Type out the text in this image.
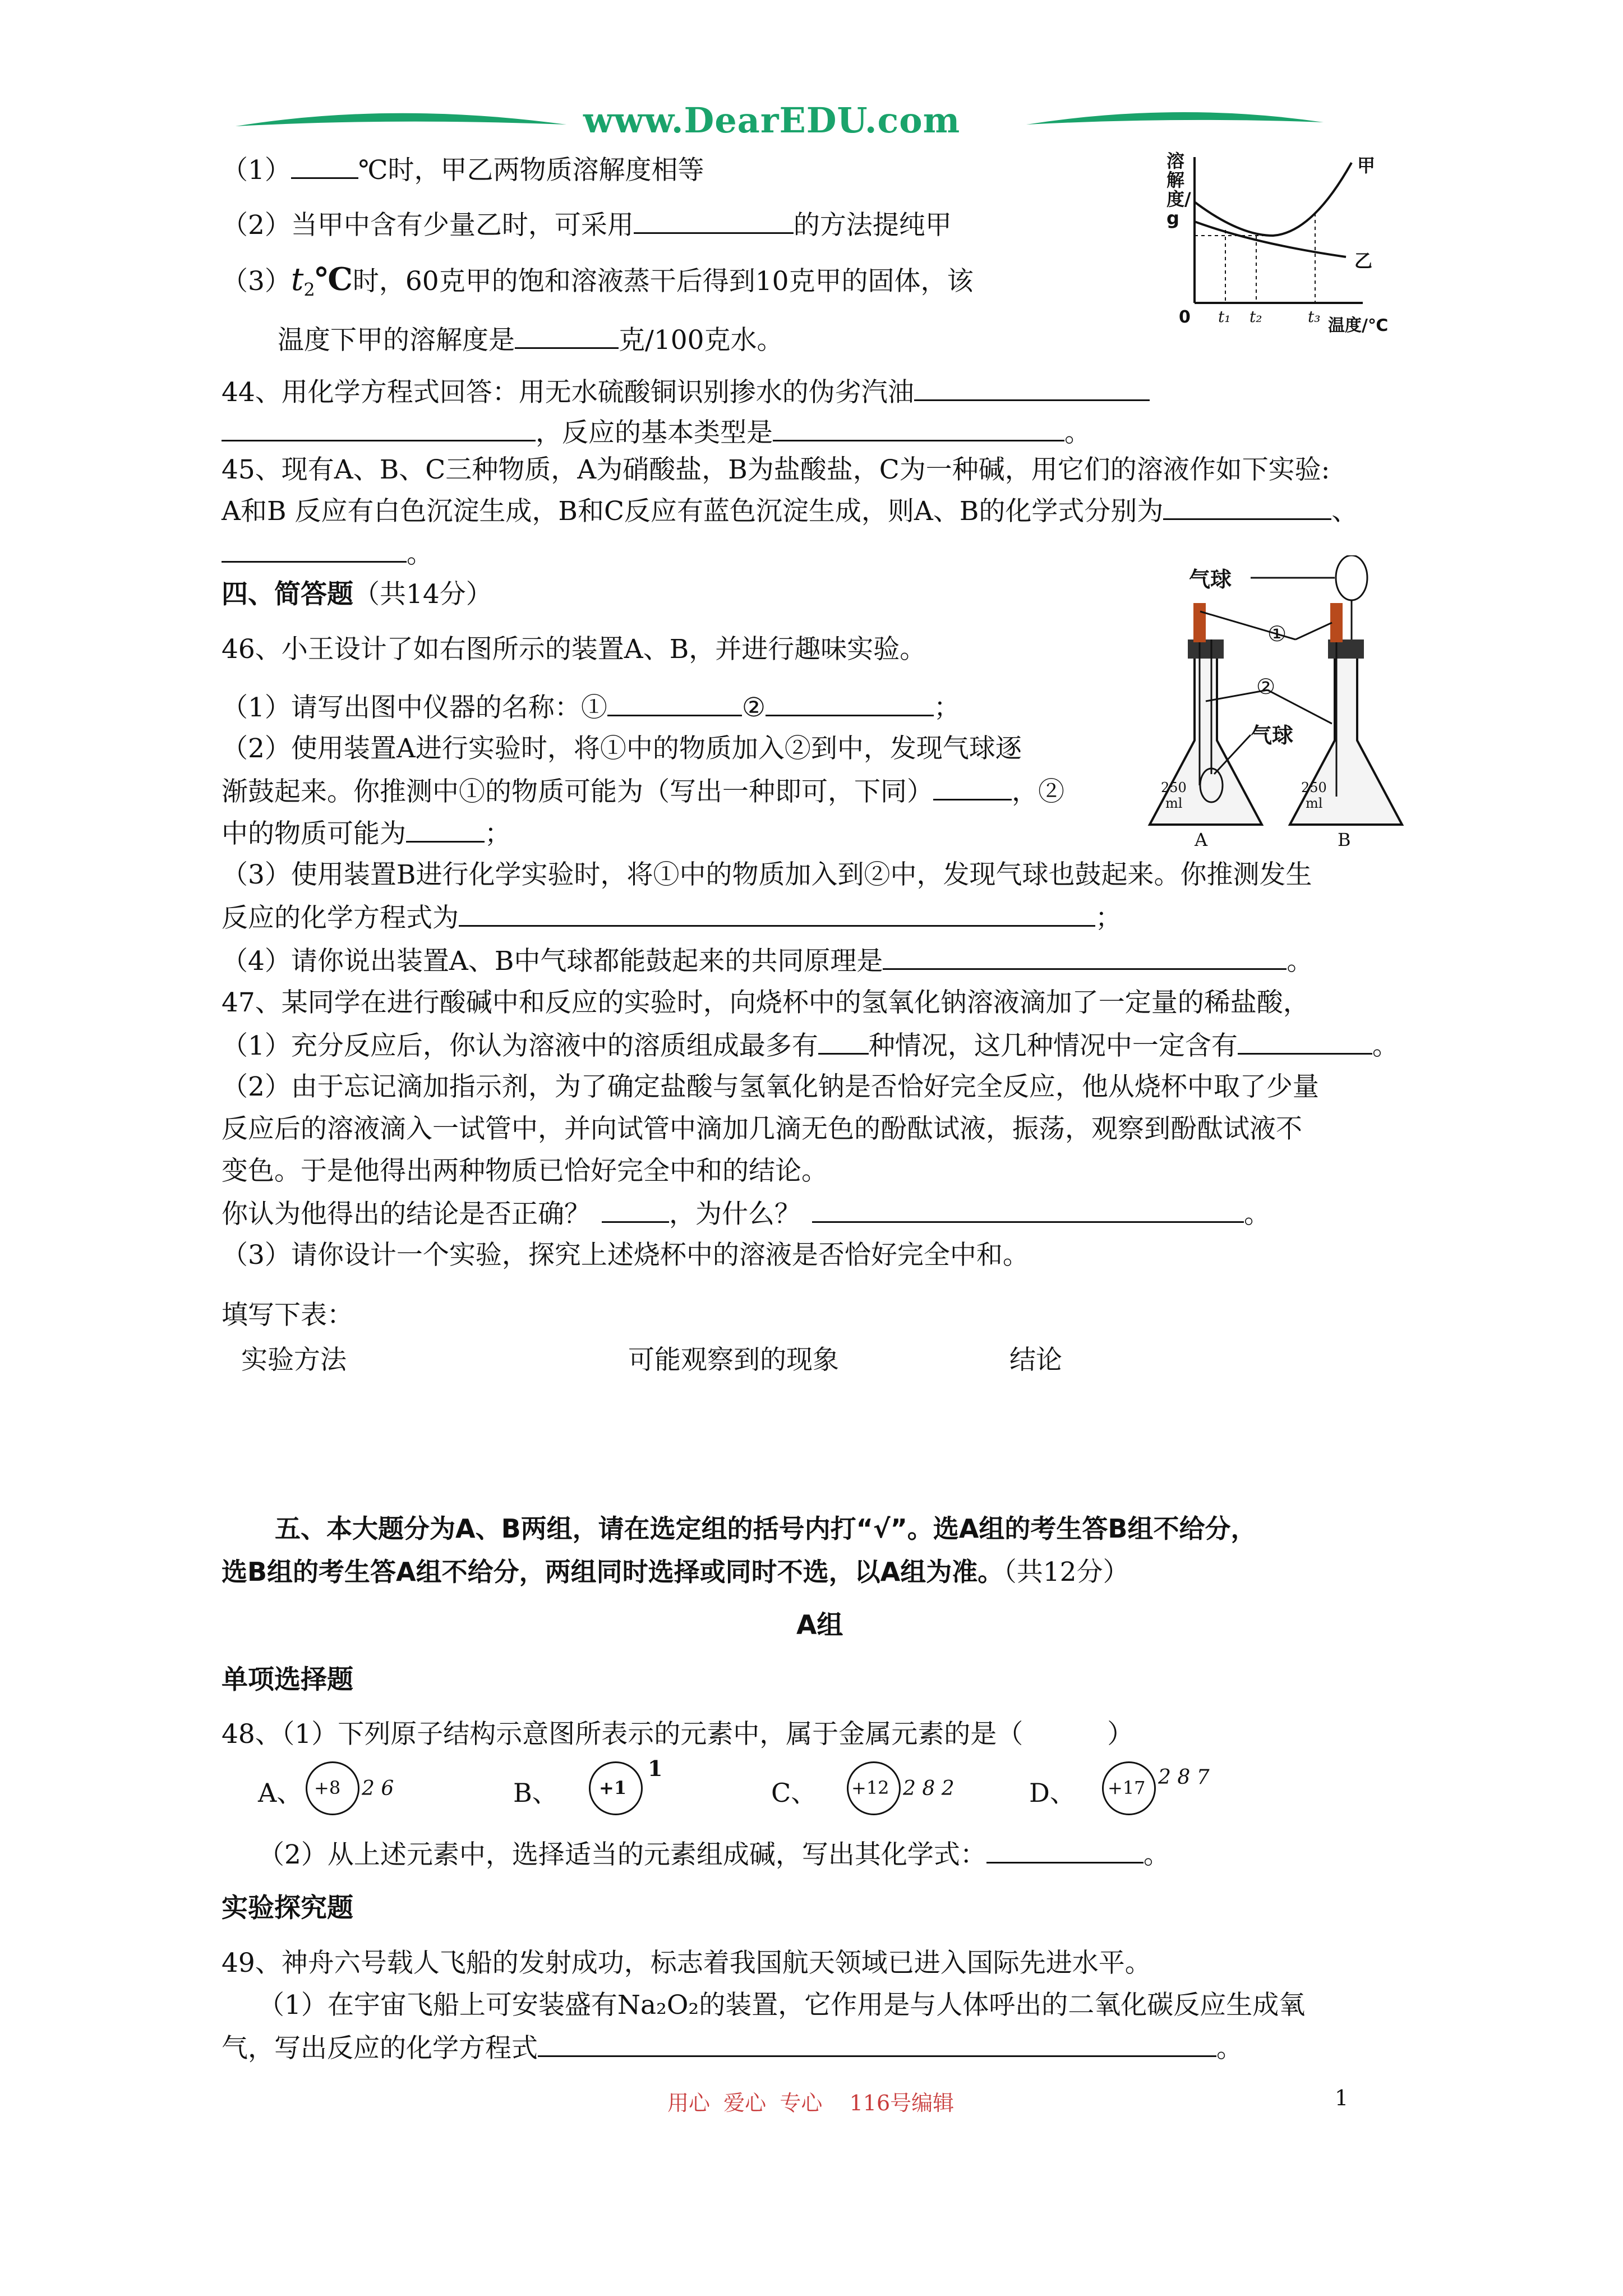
www.DearEDU.com
（1）	℃时，甲乙两物质溶解度相等
（2）当甲中含有少量乙时，可采用	的方法提纯甲
$(3)t_2℃$时，60克甲的饱和溶液蒸干后得到10克甲的固体，该
温度下甲的溶解度是	克/100克水。
溶解度/g
甲
乙
0 t₁ t₂	t₃ 温度/℃
44、用化学方程式回答：用无水硫酸铜识别掺水的伪劣汽油
，反应的基本类型是	。
45、现有A、B、C三种物质，A为硝酸盐，B为盐酸盐，C为一种碱，用它们的溶液作如下实验:
A和B 反应有白色沉淀生成，B和C反应有蓝色沉淀生成，则A、B的化学式分别为	、
。
四、简答题（共14分）
46、小王设计了如右图所示的装置A、B，并进行趣味实验。
（1）请写出图中仪器的名称：①	②	；
（2）使用装置A进行实验时，将①中的物质加入②到中，发现气球逐
渐鼓起来。你推测中①的物质可能为（写出一种即可，下同）	，②
中的物质可能为	；
（3）使用装置B进行化学实验时，将①中的物质加入到②中，发现气球也鼓起来。你推测发生
反应的化学方程式为	；
（4）请你说出装置A、B中气球都能鼓起来的共同原理是	。
气球
①
②
气球
250
ml
250
ml
A	B
47、某同学在进行酸碱中和反应的实验时，向烧杯中的氢氧化钠溶液滴加了一定量的稀盐酸，
（1）充分反应后，你认为溶液中的溶质组成最多有 种情况，这几种情况中一定含有	。
（2）由于忘记滴加指示剂，为了确定盐酸与氢氧化钠是否恰好完全反应，他从烧杯中取了少量
反应后的溶液滴入一试管中，并向试管中滴加几滴无色的酚酞试液，振荡，观察到酚酞试液不
变色。于是他得出两种物质已恰好完全中和的结论。
你认为他得出的结论是否正确？	，为什么？	。
（3）请你设计一个实验，探究上述烧杯中的溶液是否恰好完全中和。
填写下表：
实验方法	可能观察到的现象	结论
五、本大题分为A、B两组，请在选定组的括号内打“√”。选A组的考生答B组不给分，
选B组的考生答A组不给分，两组同时选择或同时不选，以A组为准。（共12分）
A组
单项选择题
48、（1）下列原子结构示意图所表示的元素中，属于金属元素的是（	）
A、 +8 2 6	B、 +1
1
C、 +12 2 8 2	D、 +17 2 8 7
（2）从上述元素中，选择适当的元素组成碱，写出其化学式：	。
实验探究题
49、神舟六号载人飞船的发射成功，标志着我国航天领域已进入国际先进水平。
（1）在宇宙飞船上可安装盛有Na₂O₂的装置，它作用是与人体呼出的二氧化碳反应生成氧
气，写出反应的化学方程式	。
用心  爱心  专心    116号编辑	1
